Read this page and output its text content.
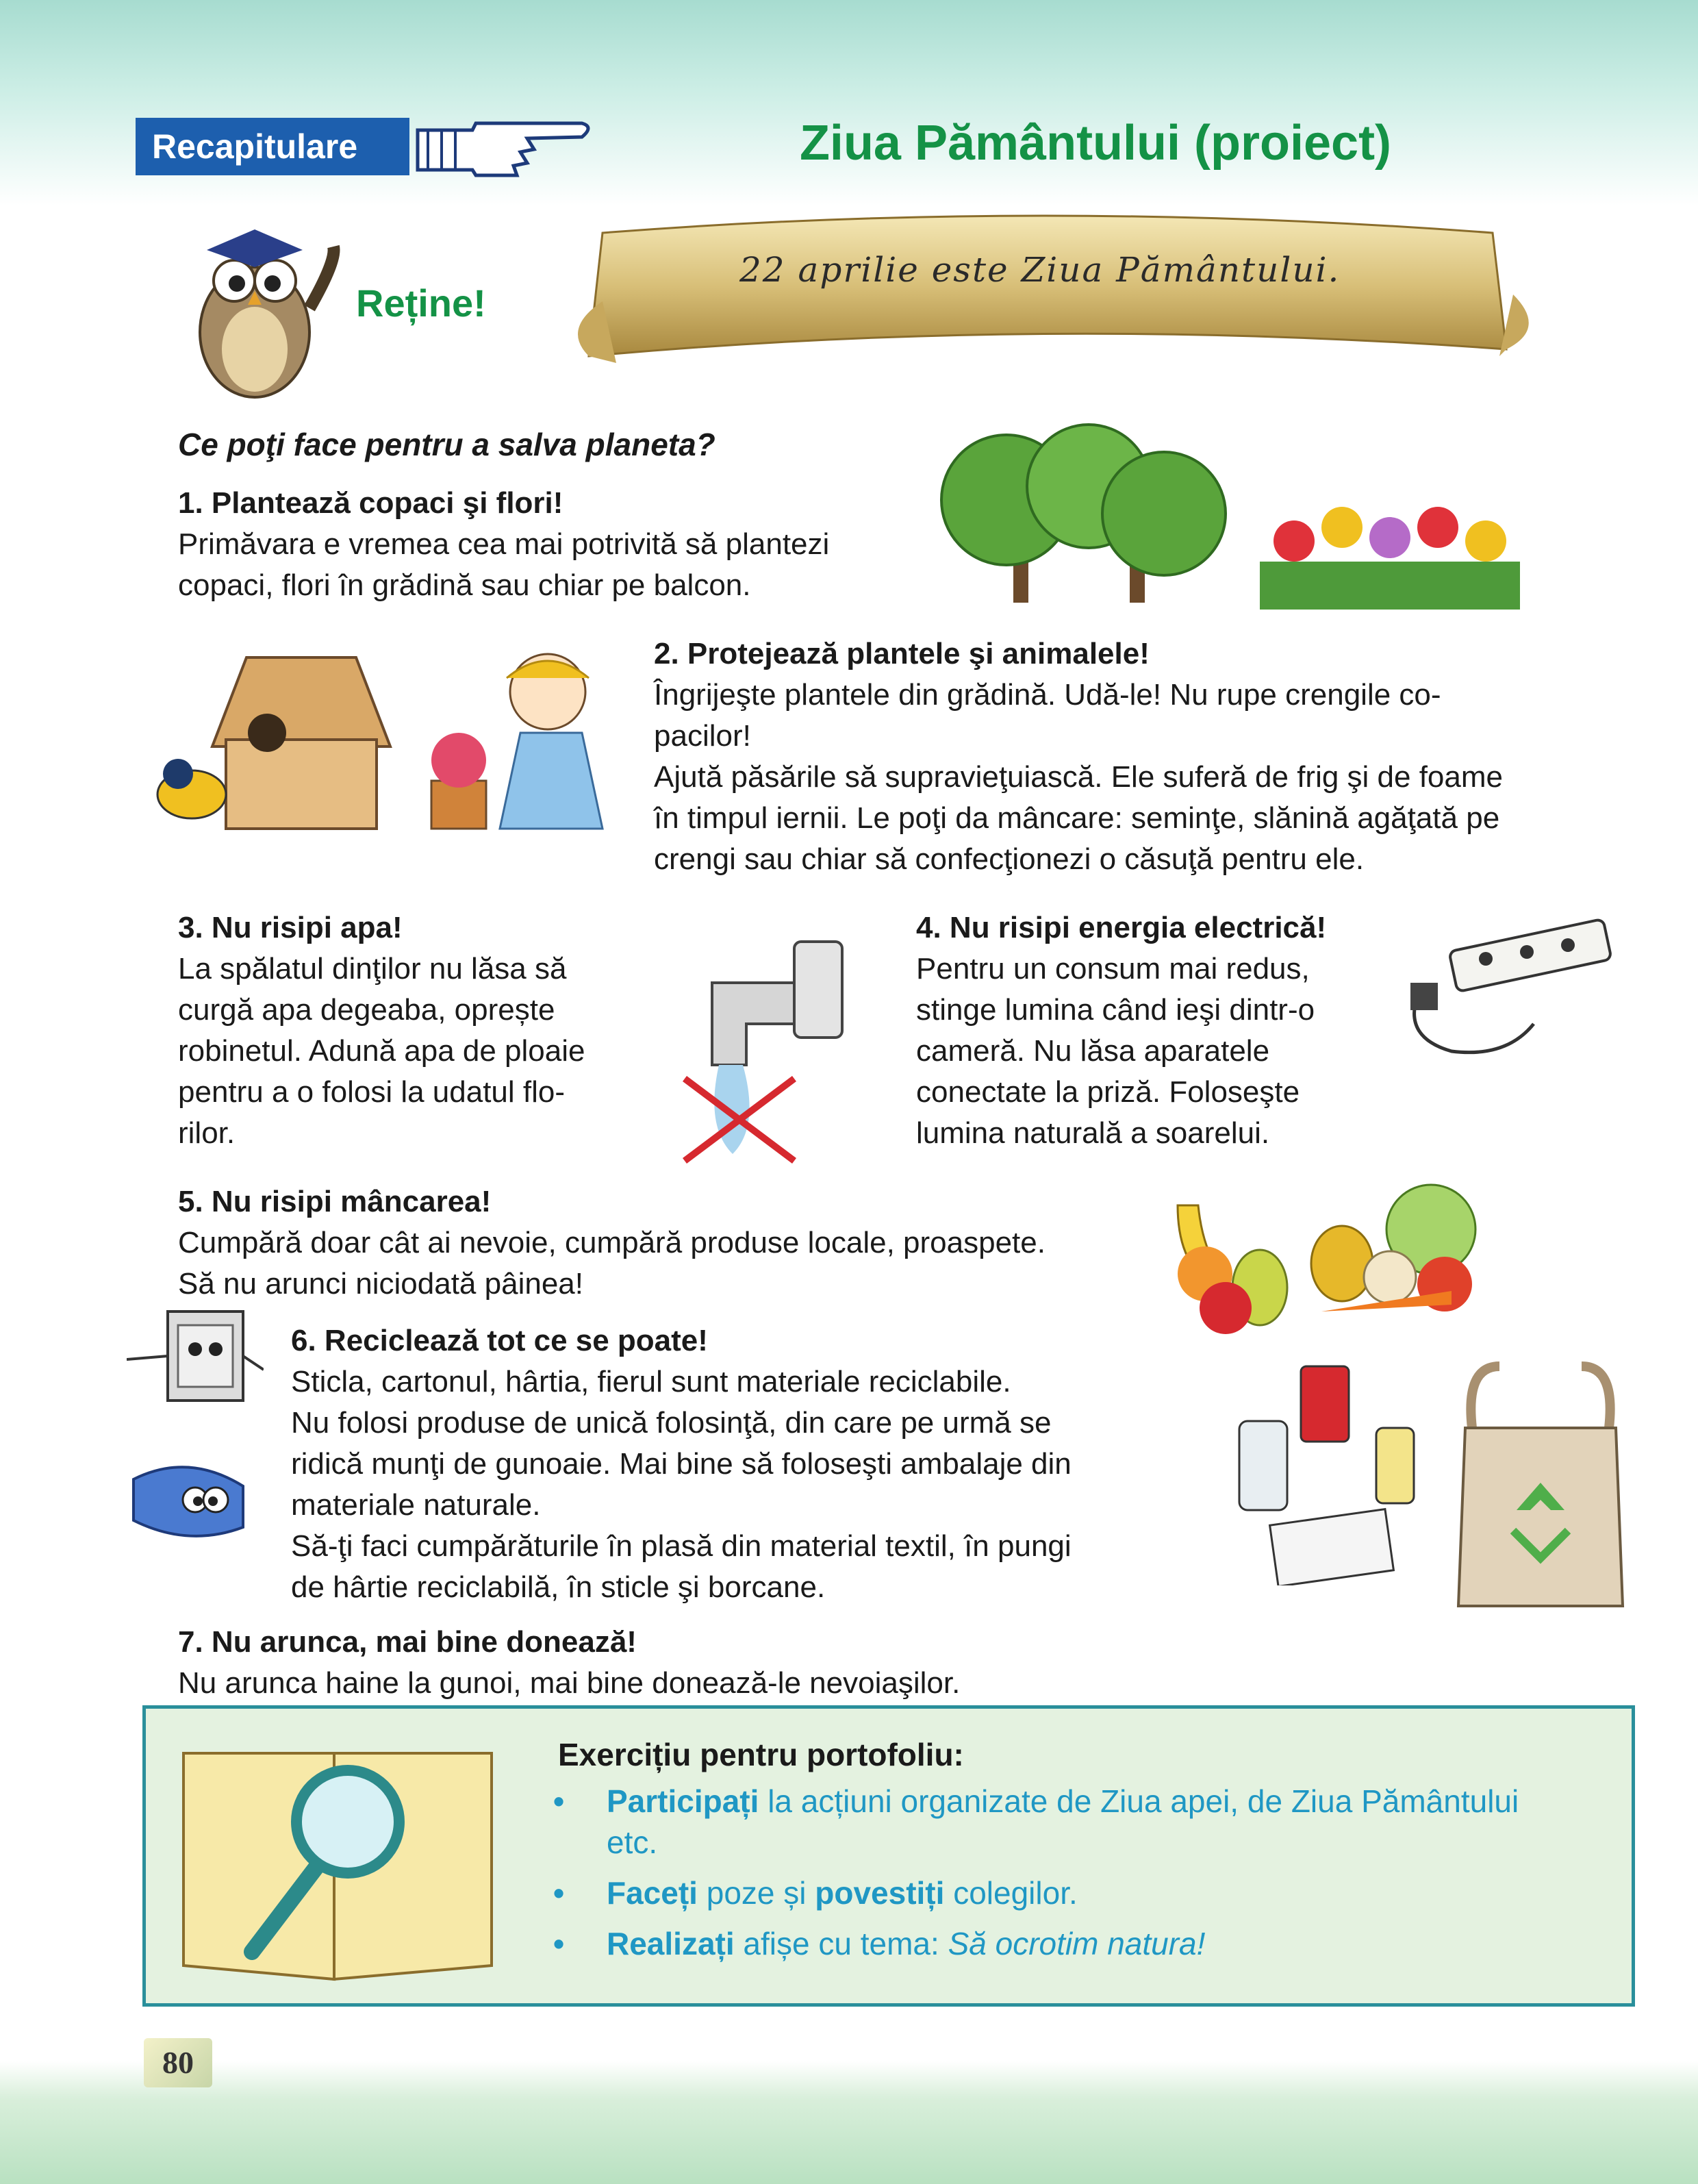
Recapitulare	Ziua Pământului (proiect)
Reține!
22 aprilie este Ziua Pământului.
Ce poţi face pentru a salva planeta?
1. Plantează copaci şi flori!
Primăvara e vremea cea mai potrivită să plantezi
copaci, flori în grădină sau chiar pe balcon.
2. Protejează plantele şi animalele!
Îngrijeşte plantele din grădină. Udă-le! Nu rupe crengile co-
pacilor!
Ajută păsările să supravieţuiască. Ele suferă de frig şi de foame
în timpul iernii. Le poţi da mâncare: seminţe, slănină agăţată pe
crengi sau chiar să confecţionezi o căsuţă pentru ele.
3. Nu risipi apa!
La spălatul dinţilor nu lăsa să
curgă apa degeaba, oprește
robinetul. Adună apa de ploaie
pentru a o folosi la udatul flo-
rilor.
4. Nu risipi energia electrică!
Pentru un consum mai redus,
stinge lumina când ieşi dintr-o
cameră. Nu lăsa aparatele
conectate la priză. Foloseşte
lumina naturală a soarelui.
5. Nu risipi mâncarea!
Cumpără doar cât ai nevoie, cumpără produse locale, proaspete.
Să nu arunci niciodată pâinea!
6. Reciclează tot ce se poate!
Sticla, cartonul, hârtia, fierul sunt materiale reciclabile.
Nu folosi produse de unică folosinţă, din care pe urmă se
ridică munţi de gunoaie. Mai bine să foloseşti ambalaje din
materiale naturale.
Să-ţi faci cumpărăturile în plasă din material textil, în pungi
de hârtie reciclabilă, în sticle şi borcane.
7. Nu arunca, mai bine donează!
Nu arunca haine la gunoi, mai bine donează-le nevoiaşilor.
Exercițiu pentru portofoliu:
• Participați la acțiuni organizate de Ziua apei, de Ziua Pământului
etc.
• Faceți poze și povestiți colegilor.
• Realizați afișe cu tema: Să ocrotim natura!
80
